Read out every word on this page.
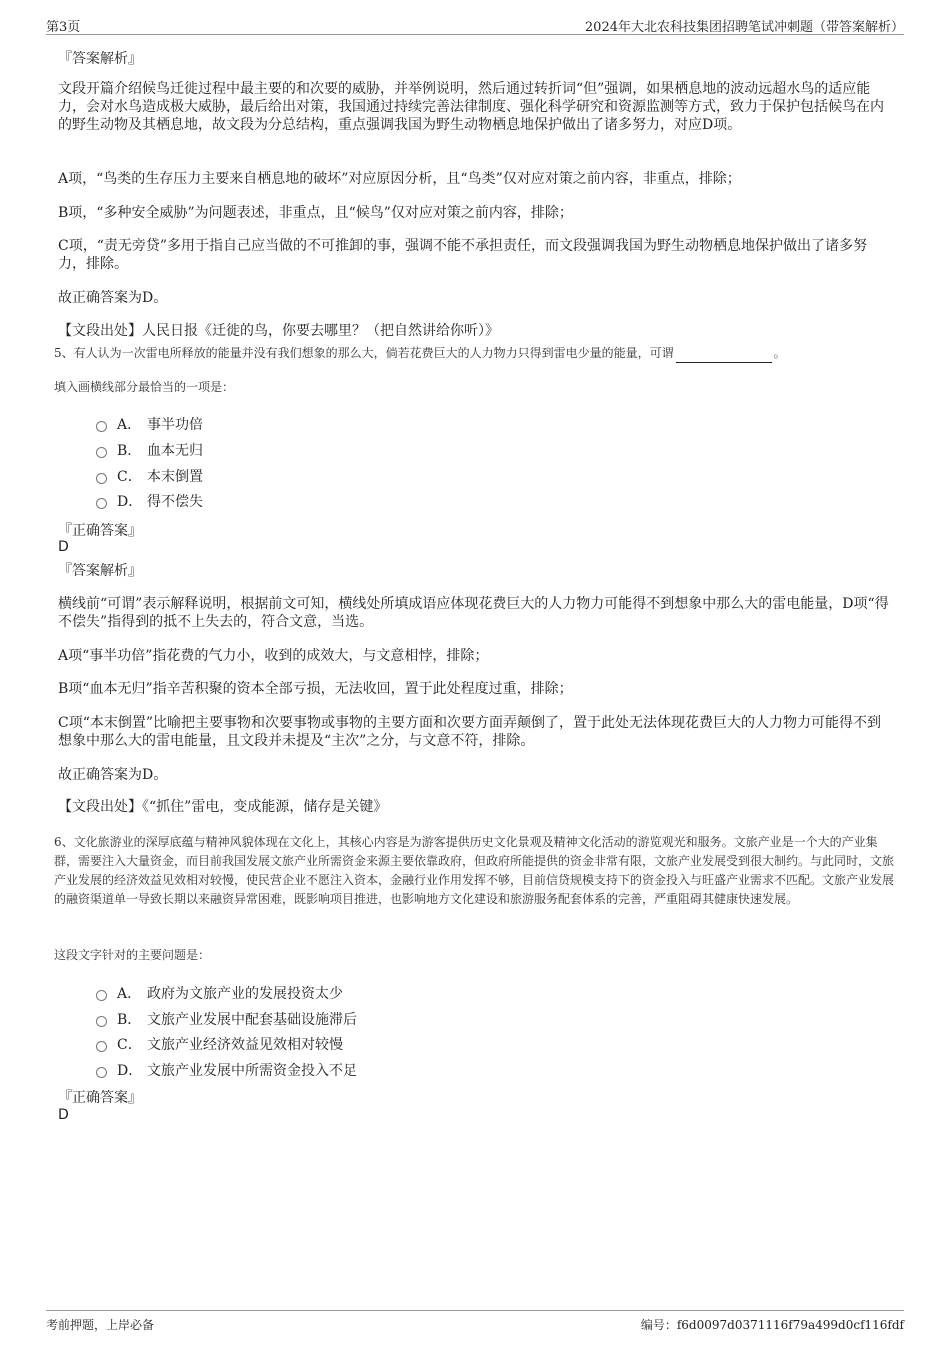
第3页	2024年大北农科技集团招聘笔试冲刺题（带答案解析）
『答案解析』
文段开篇介绍候鸟迁徙过程中最主要的和次要的威胁，并举例说明，然后通过转折词“但”强调，如果栖息地的波动远超水鸟的适应能力，会对水鸟造成极大威胁，最后给出对策，我国通过持续完善法律制度、强化科学研究和资源监测等方式，致力于保护包括候鸟在内的野生动物及其栖息地，故文段为分总结构，重点强调我国为野生动物栖息地保护做出了诸多努力，对应D项。
A项，“鸟类的生存压力主要来自栖息地的破坏”对应原因分析，且“鸟类”仅对应对策之前内容，非重点，排除；
B项，“多种安全威胁”为问题表述，非重点，且“候鸟”仅对应对策之前内容，排除；
C项，“责无旁贷”多用于指自己应当做的不可推卸的事，强调不能不承担责任，而文段强调我国为野生动物栖息地保护做出了诸多努力，排除。
故正确答案为D。
【文段出处】人民日报《迁徙的鸟，你要去哪里？（把自然讲给你听）》
5、有人认为一次雷电所释放的能量并没有我们想象的那么大，倘若花费巨大的人力物力只得到雷电少量的能量，可谓	。
填入画横线部分最恰当的一项是：
A． 事半功倍
B． 血本无归
C． 本末倒置
D． 得不偿失
『正确答案』
D
『答案解析』
横线前“可谓”表示解释说明，根据前文可知，横线处所填成语应体现花费巨大的人力物力可能得不到想象中那么大的雷电能量，D项“得不偿失”指得到的抵不上失去的，符合文意，当选。
A项“事半功倍”指花费的气力小，收到的成效大，与文意相悖，排除；
B项“血本无归”指辛苦积聚的资本全部亏损，无法收回，置于此处程度过重，排除；
C项“本末倒置”比喻把主要事物和次要事物或事物的主要方面和次要方面弄颠倒了，置于此处无法体现花费巨大的人力物力可能得不到想象中那么大的雷电能量，且文段并未提及“主次”之分，与文意不符，排除。
故正确答案为D。
【文段出处】《“抓住”雷电，变成能源，储存是关键》
6、文化旅游业的深厚底蕴与精神风貌体现在文化上，其核心内容是为游客提供历史文化景观及精神文化活动的游览观光和服务。文旅产业是一个大的产业集群，需要注入大量资金，而目前我国发展文旅产业所需资金来源主要依靠政府，但政府所能提供的资金非常有限，文旅产业发展受到很大制约。与此同时，文旅产业发展的经济效益见效相对较慢，使民营企业不愿注入资本，金融行业作用发挥不够，目前信贷规模支持下的资金投入与旺盛产业需求不匹配。文旅产业发展的融资渠道单一导致长期以来融资异常困难，既影响项目推进，也影响地方文化建设和旅游服务配套体系的完善，严重阻碍其健康快速发展。
这段文字针对的主要问题是：
A． 政府为文旅产业的发展投资太少
B． 文旅产业发展中配套基础设施滞后
C． 文旅产业经济效益见效相对较慢
D． 文旅产业发展中所需资金投入不足
『正确答案』
D
考前押题，上岸必备	编号：f6d0097d0371116f79a499d0cf116fdf
